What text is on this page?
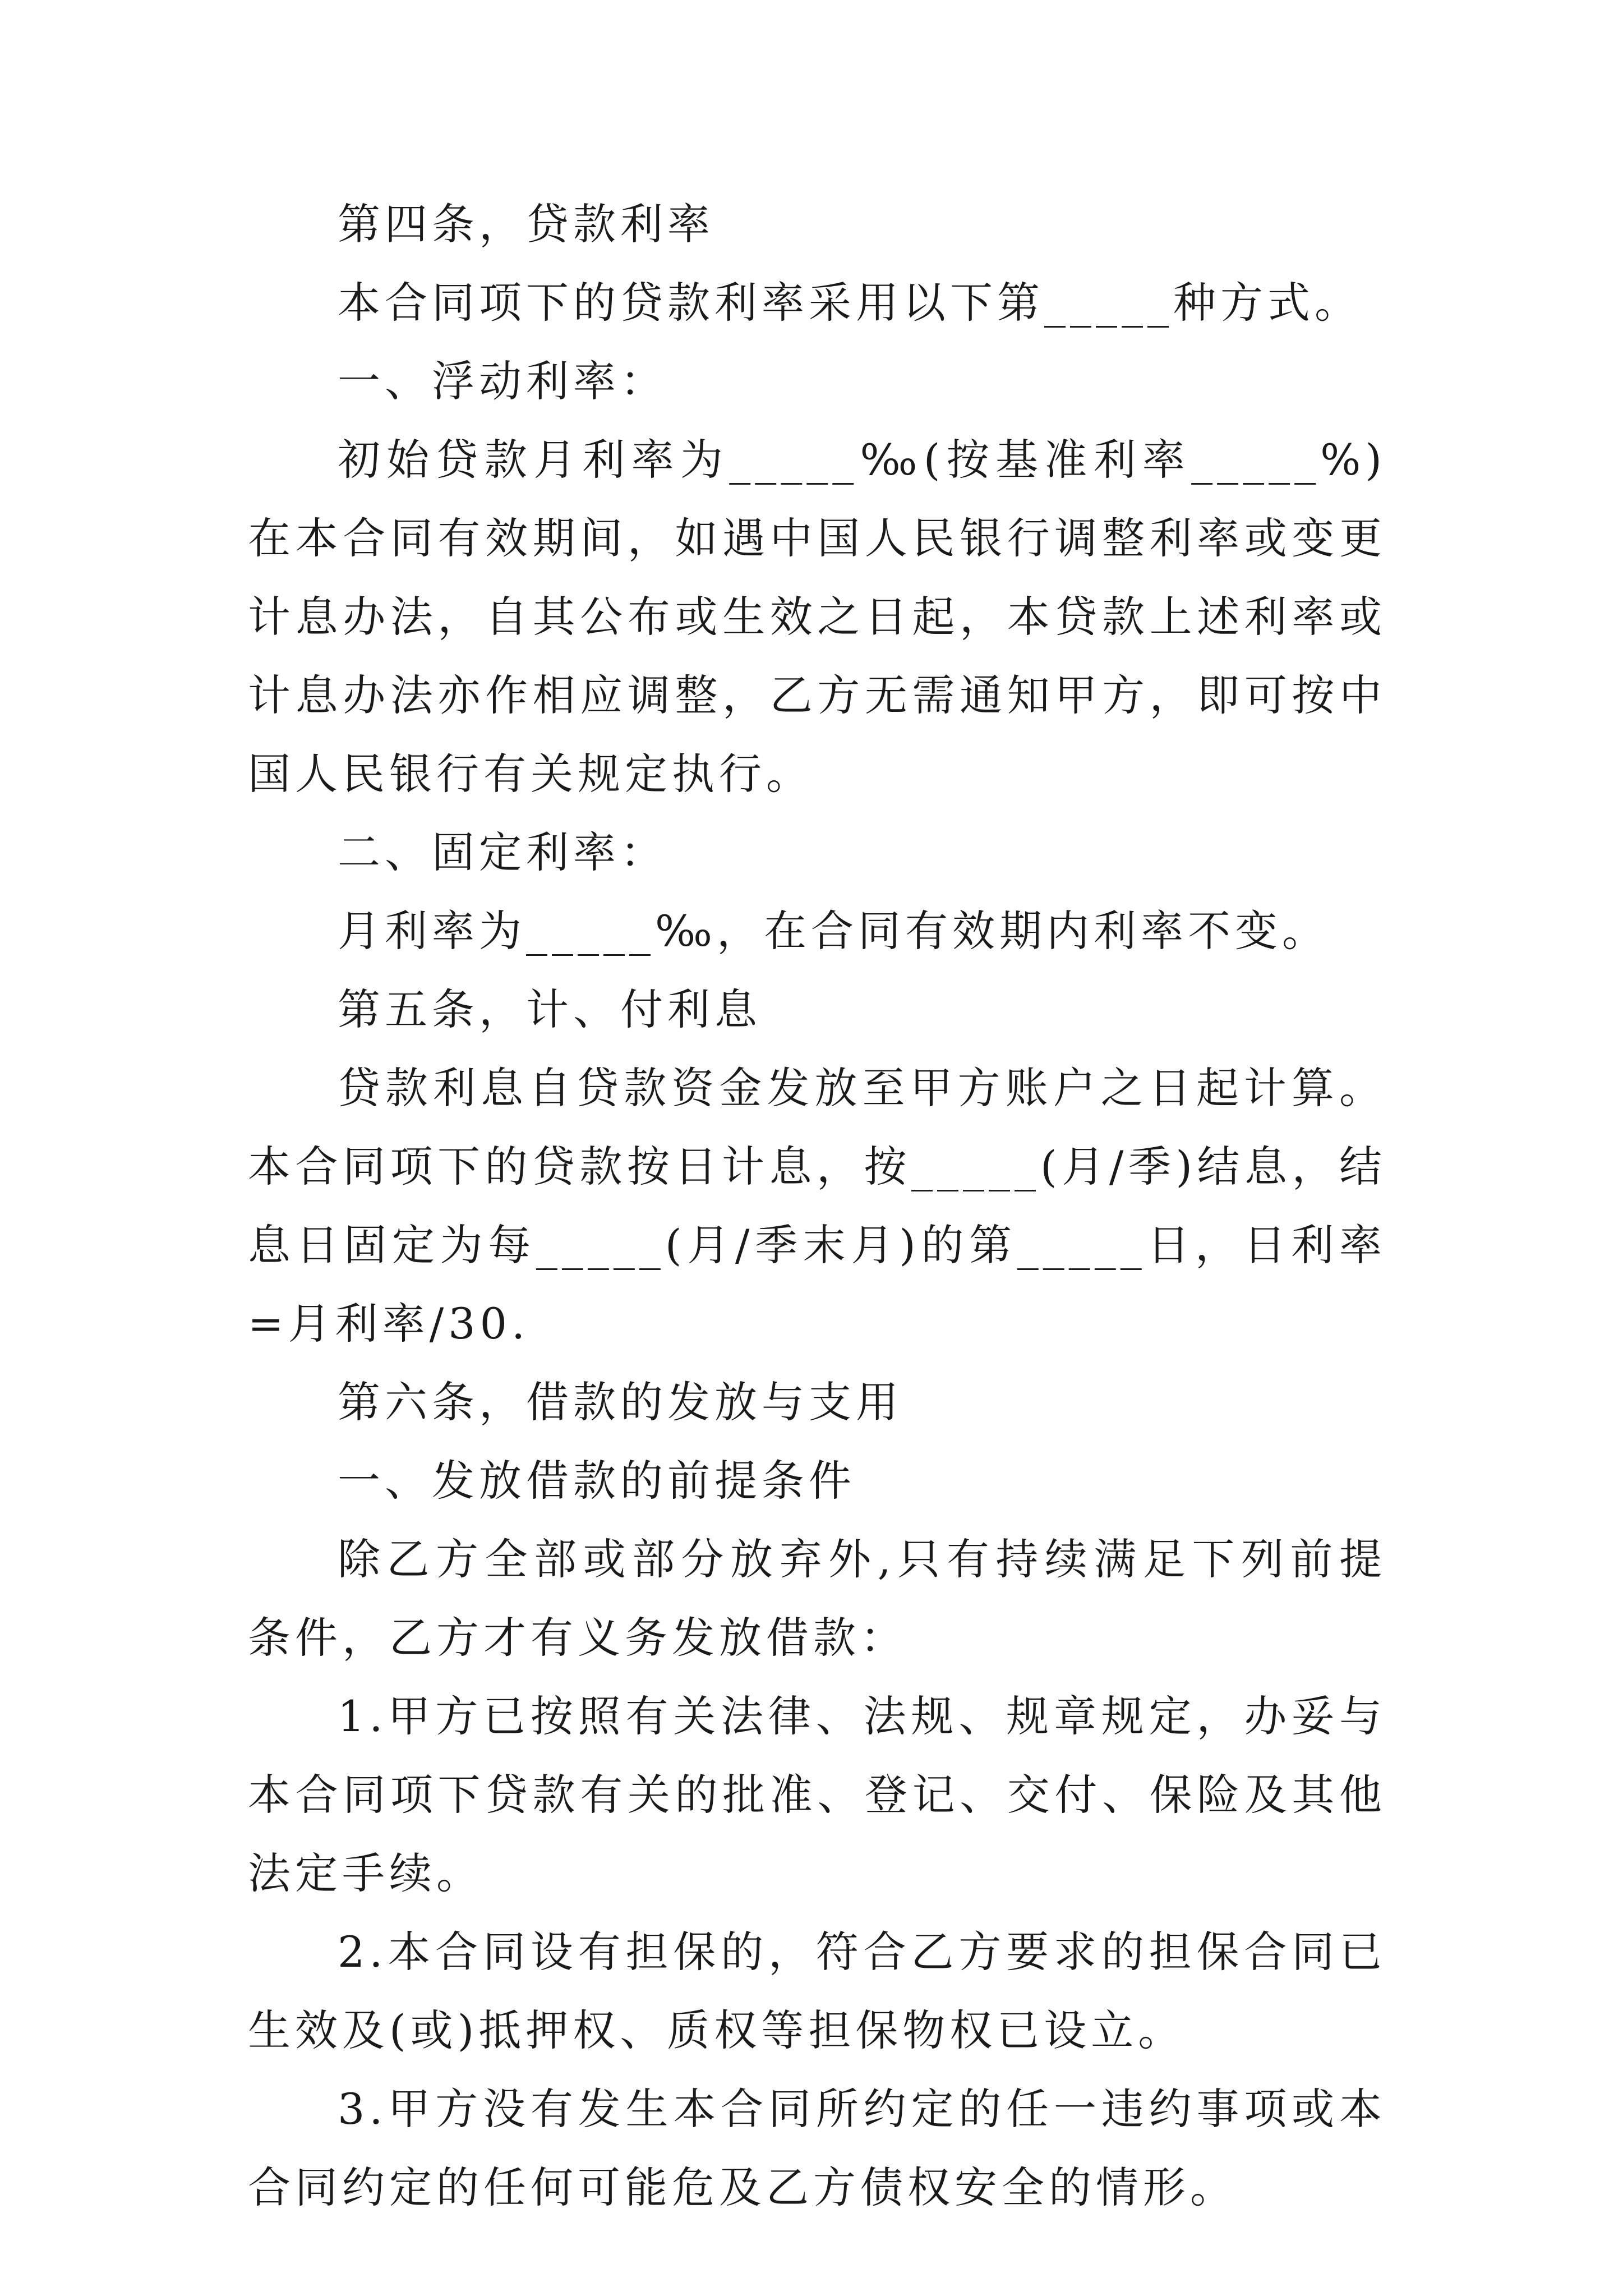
第四条，贷款利率

本合同项下的贷款利率采用以下第_____种方式。

一、浮动利率：

初始贷款月利率为_____‰(按基准利率_____%)在本合同有效期间，如遇中国人民银行调整利率或变更计息办法，自其公布或生效之日起，本贷款上述利率或计息办法亦作相应调整，乙方无需通知甲方，即可按中国人民银行有关规定执行。

二、固定利率：

月利率为_____‰，在合同有效期内利率不变。

第五条，计、付利息

贷款利息自贷款资金发放至甲方账户之日起计算。本合同项下的贷款按日计息，按_____(月/季)结息，结息日固定为每_____(月/季末月)的第_____日，日利率=月利率/30.

第六条，借款的发放与支用

一、发放借款的前提条件

除乙方全部或部分放弃外,只有持续满足下列前提条件，乙方才有义务发放借款：

1.甲方已按照有关法律、法规、规章规定，办妥与本合同项下贷款有关的批准、登记、交付、保险及其他法定手续。

2.本合同设有担保的，符合乙方要求的担保合同已生效及(或)抵押权、质权等担保物权已设立。

3.甲方没有发生本合同所约定的任一违约事项或本合同约定的任何可能危及乙方债权安全的情形。
